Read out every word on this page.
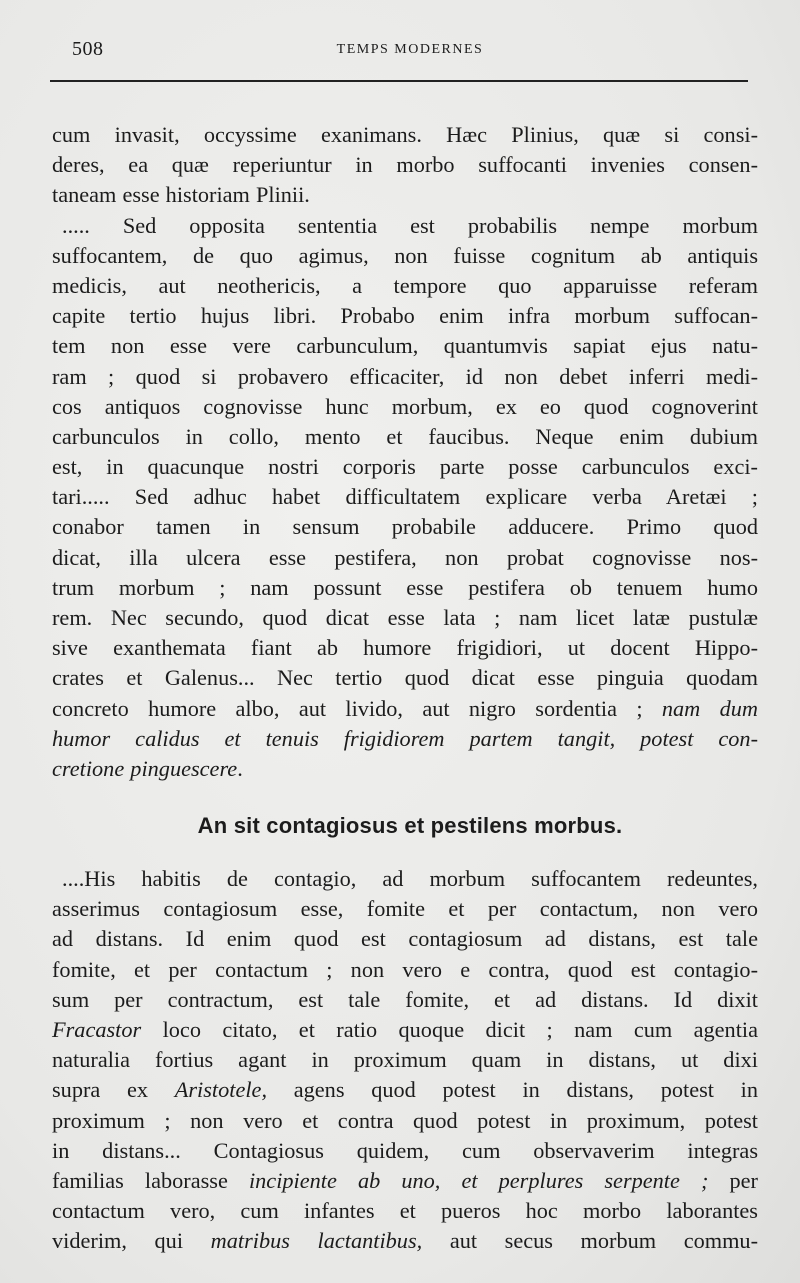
508	TEMPS MODERNES
cum invasit, occyssime exanimans. Hæc Plinius, quæ si consi-
deres, ea quæ reperiuntur in morbo suffocanti invenies consen-
taneam esse historiam Plinii.
..... Sed opposita sententia est probabilis nempe morbum
suffocantem, de quo agimus, non fuisse cognitum ab antiquis
medicis, aut neothericis, a tempore quo apparuisse referam
capite tertio hujus libri. Probabo enim infra morbum suffocan-
tem non esse vere carbunculum, quantumvis sapiat ejus natu-
ram ; quod si probavero efficaciter, id non debet inferri medi-
cos antiquos cognovisse hunc morbum, ex eo quod cognoverint
carbunculos in collo, mento et faucibus. Neque enim dubium
est, in quacunque nostri corporis parte posse carbunculos exci-
tari..... Sed adhuc habet difficultatem explicare verba Aretæi ;
conabor tamen in sensum probabile adducere. Primo quod
dicat, illa ulcera esse pestifera, non probat cognovisse nos-
trum morbum ; nam possunt esse pestifera ob tenuem humo
rem. Nec secundo, quod dicat esse lata ; nam licet latæ pustulæ
sive exanthemata fiant ab humore frigidiori, ut docent Hippo-
crates et Galenus... Nec tertio quod dicat esse pinguia quodam
concreto humore albo, aut livido, aut nigro sordentia ; nam dum
humor calidus et tenuis frigidiorem partem tangit, potest con-
cretione pinguescere.
An sit contagiosus et pestilens morbus.
....His habitis de contagio, ad morbum suffocantem redeuntes,
asserimus contagiosum esse, fomite et per contactum, non vero
ad distans. Id enim quod est contagiosum ad distans, est tale
fomite, et per contactum ; non vero e contra, quod est contagio-
sum per contractum, est tale fomite, et ad distans. Id dixit
Fracastor loco citato, et ratio quoque dicit ; nam cum agentia
naturalia fortius agant in proximum quam in distans, ut dixi
supra ex Aristotele, agens quod potest in distans, potest in
proximum ; non vero et contra quod potest in proximum, potest
in distans... Contagiosus quidem, cum observaverim integras
familias laborasse incipiente ab uno, et perplures serpente ; per
contactum vero, cum infantes et pueros hoc morbo laborantes
viderim, qui matribus lactantibus, aut secus morbum commu-
